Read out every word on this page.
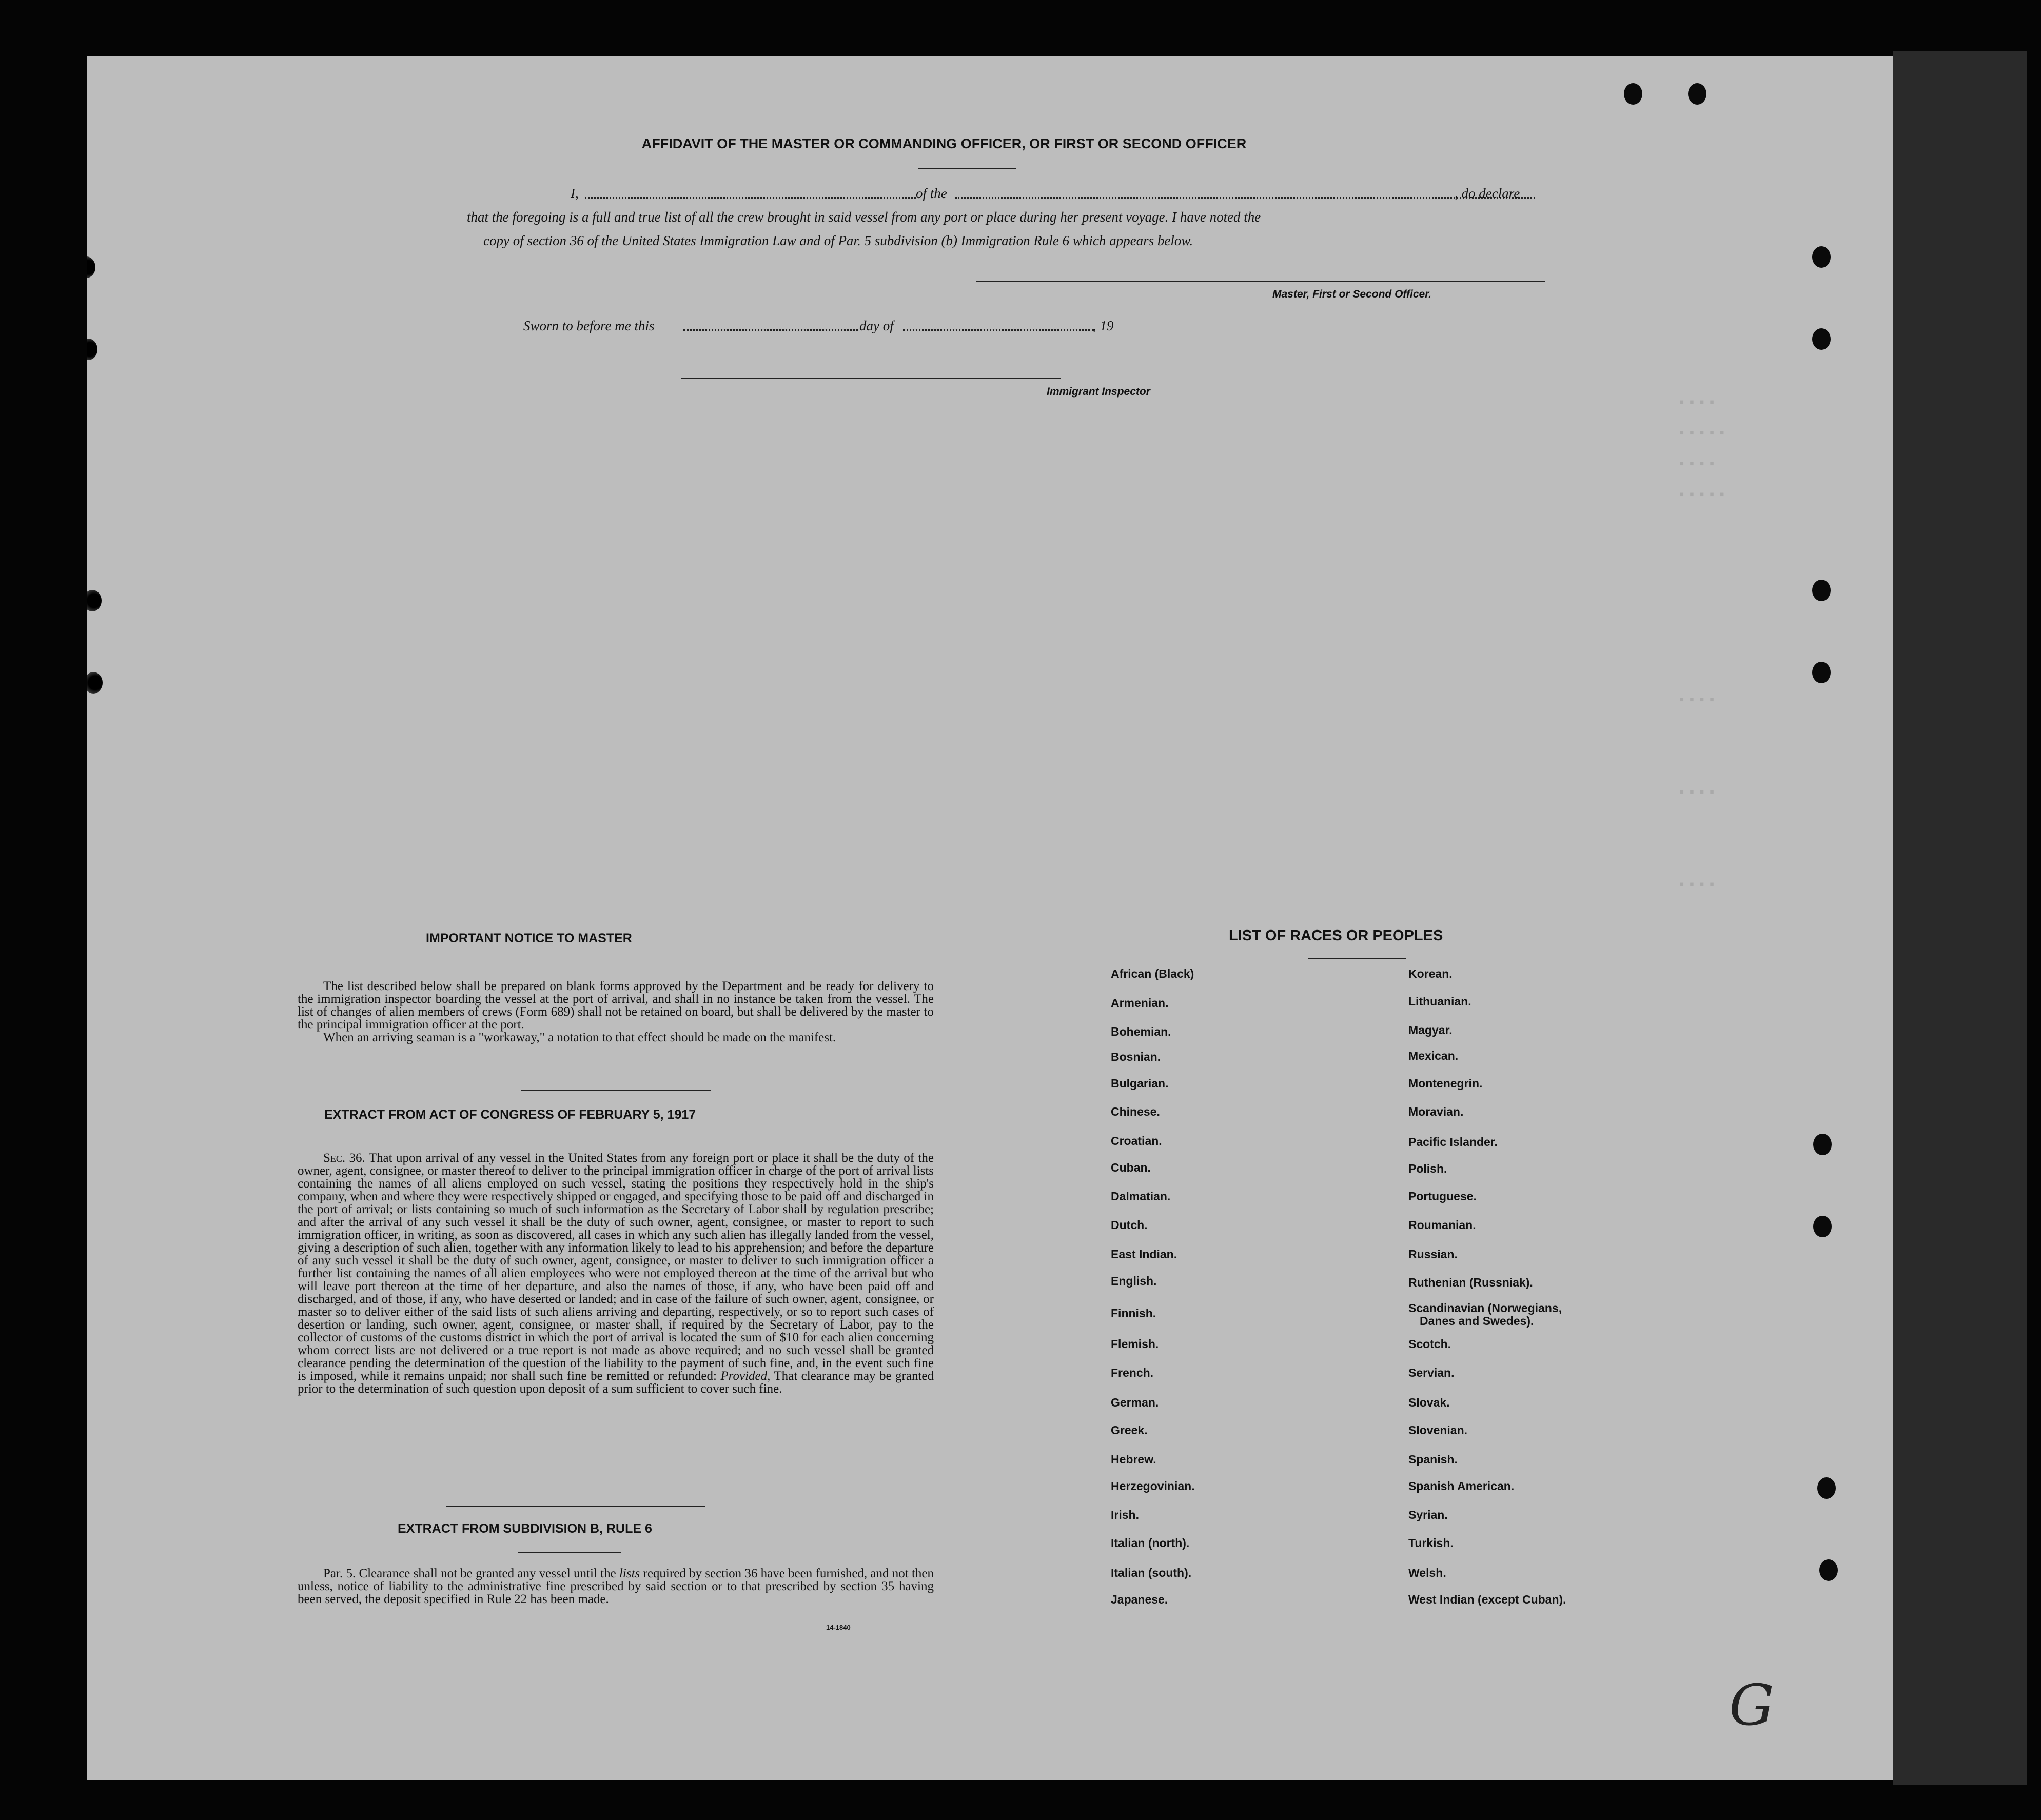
▪▪▪▪
▪▪▪▪▪
▪▪▪▪
▪▪▪▪▪
▪▪▪▪
▪▪▪▪
▪▪▪▪
AFFIDAVIT OF THE MASTER OR COMMANDING OFFICER, OR FIRST OR SECOND OFFICER
I,	of the	, do declare
that the foregoing is a full and true list of all the crew brought in said vessel from any port or place during her present voyage. I have noted the
copy of section 36 of the United States Immigration Law and of Par. 5 subdivision (b) Immigration Rule 6 which appears below.
Master, First or Second Officer.
Sworn to before me this	day of	, 19
Immigrant Inspector
IMPORTANT NOTICE TO MASTER
The list described below shall be prepared on blank forms approved by the Department and be ready for delivery to the immigration inspector boarding the vessel at the port of arrival, and shall in no instance be taken from the vessel. The list of changes of alien members of crews (Form 689) shall not be retained on board, but shall be delivered by the master to the principal immigration officer at the port.
When an arriving seaman is a "workaway," a notation to that effect should be made on the manifest.
EXTRACT FROM ACT OF CONGRESS OF FEBRUARY 5, 1917
Sec. 36. That upon arrival of any vessel in the United States from any foreign port or place it shall be the duty of the owner, agent, consignee, or master thereof to deliver to the principal immigration officer in charge of the port of arrival lists containing the names of all aliens employed on such vessel, stating the positions they respectively hold in the ship's company, when and where they were respectively shipped or engaged, and specifying those to be paid off and discharged in the port of arrival; or lists containing so much of such information as the Secretary of Labor shall by regulation prescribe; and after the arrival of any such vessel it shall be the duty of such owner, agent, consignee, or master to report to such immigration officer, in writing, as soon as discovered, all cases in which any such alien has illegally landed from the vessel, giving a description of such alien, together with any information likely to lead to his apprehension; and before the departure of any such vessel it shall be the duty of such owner, agent, consignee, or master to deliver to such immigration officer a further list containing the names of all alien employees who were not employed thereon at the time of the arrival but who will leave port thereon at the time of her departure, and also the names of those, if any, who have been paid off and discharged, and of those, if any, who have deserted or landed; and in case of the failure of such owner, agent, consignee, or master so to deliver either of the said lists of such aliens arriving and departing, respectively, or so to report such cases of desertion or landing, such owner, agent, consignee, or master shall, if required by the Secretary of Labor, pay to the collector of customs of the customs district in which the port of arrival is located the sum of $10 for each alien concerning whom correct lists are not delivered or a true report is not made as above required; and no such vessel shall be granted clearance pending the determination of the question of the liability to the payment of such fine, and, in the event such fine is imposed, while it remains unpaid; nor shall such fine be remitted or refunded: Provided, That clearance may be granted prior to the determination of such question upon deposit of a sum sufficient to cover such fine.
EXTRACT FROM SUBDIVISION B, RULE 6
Par. 5. Clearance shall not be granted any vessel until the lists required by section 36 have been furnished, and not then unless, notice of liability to the administrative fine prescribed by said section or to that prescribed by section 35 having been served, the deposit specified in Rule 22 has been made.
14-1840
LIST OF RACES OR PEOPLES
African (Black)
Armenian.
Bohemian.
Bosnian.
Bulgarian.
Chinese.
Croatian.
Cuban.
Dalmatian.
Dutch.
East Indian.
English.
Finnish.
Flemish.
French.
German.
Greek.
Hebrew.
Herzegovinian.
Irish.
Italian (north).
Italian (south).
Japanese.
Korean.
Lithuanian.
Magyar.
Mexican.
Montenegrin.
Moravian.
Pacific Islander.
Polish.
Portuguese.
Roumanian.
Russian.
Ruthenian (Russniak).
Scandinavian (Norwegians,
Danes and Swedes).
Scotch.
Servian.
Slovak.
Slovenian.
Spanish.
Spanish American.
Syrian.
Turkish.
Welsh.
West Indian (except Cuban).
G
